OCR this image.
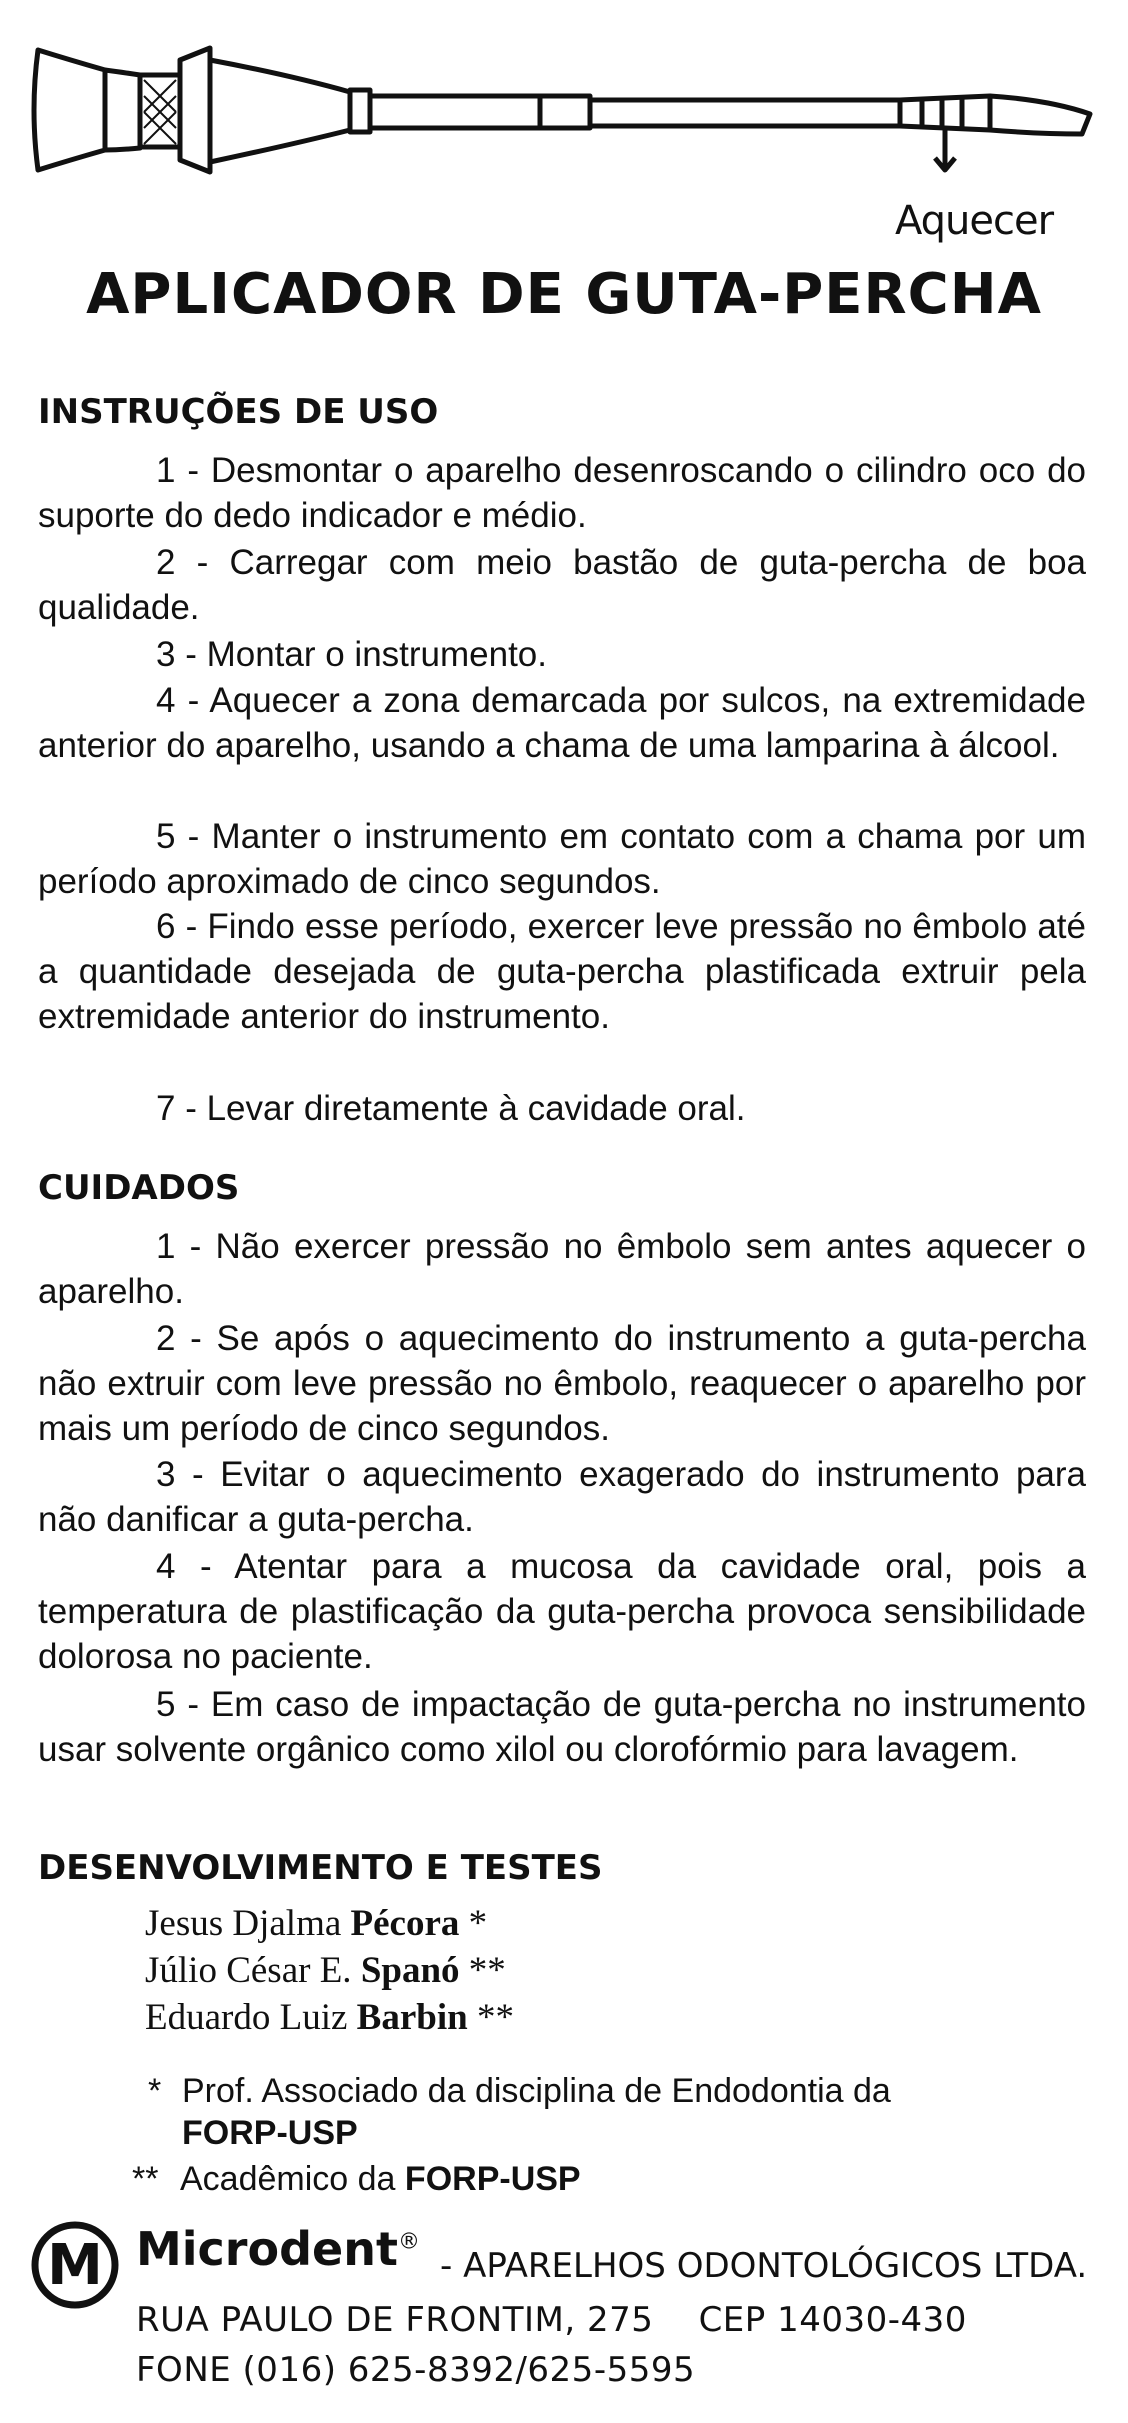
Aquecer
APLICADOR DE GUTA-PERCHA
INSTRUÇÕES DE USO
1 - Desmontar o aparelho desenroscando o cilindro oco do suporte do dedo indicador e médio.
2 - Carregar com meio bastão de guta-percha de boa qualidade.
3 - Montar o instrumento.
4 - Aquecer a zona demarcada por sulcos, na extremidade anterior do aparelho, usando a chama de uma lamparina à álcool.
5 - Manter o instrumento em contato com a chama por um período aproximado de cinco segundos.
6 - Findo esse período, exercer leve pressão no êmbolo até a quantidade desejada de guta-percha plastificada extruir pela extremidade anterior do instrumento.
7 - Levar diretamente à cavidade oral.
CUIDADOS
1 - Não exercer pressão no êmbolo sem antes aquecer o aparelho.
2 - Se após o aquecimento do instrumento a guta-percha não extruir com leve pressão no êmbolo, reaquecer o aparelho por mais um período de cinco segundos.
3 - Evitar o aquecimento exagerado do instrumento para não danificar a guta-percha.
4 - Atentar para a mucosa da cavidade oral, pois a temperatura de plastificação da guta-percha provoca sensibilidade dolorosa no paciente.
5 - Em caso de impactação de guta-percha no instrumento usar solvente orgânico como xilol ou clorofórmio para lavagem.
DESENVOLVIMENTO E TESTES
Jesus Djalma Pécora *
Júlio César E. Spanó **
Eduardo Luiz Barbin **
* Prof. Associado da disciplina de Endodontia da
FORP-USP
** Acadêmico da FORP-USP
M Microdent®
- APARELHOS ODONTOLÓGICOS LTDA.
RUA PAULO DE FRONTIM, 275    CEP 14030-430
FONE (016) 625-8392/625-5595
